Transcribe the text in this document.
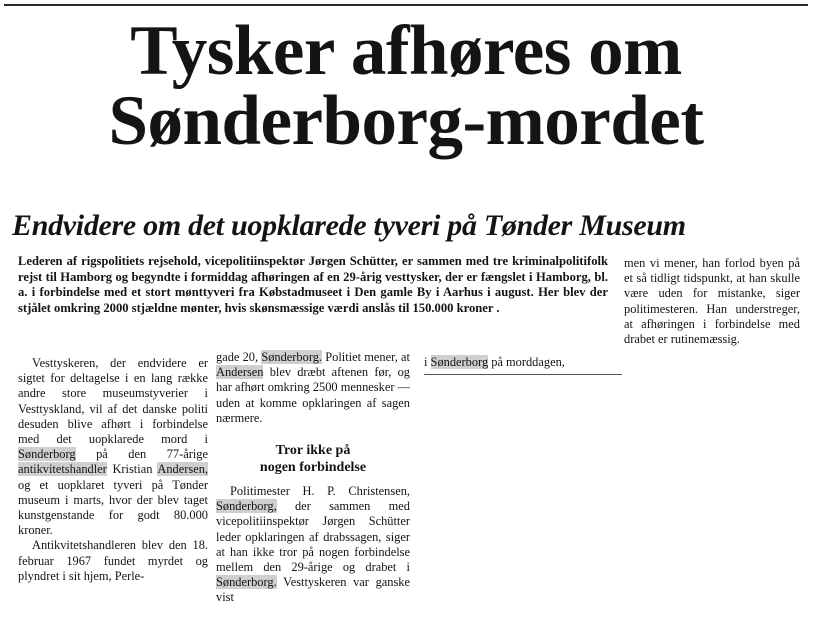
Tysker afhøres om
Sønderborg-mordet
Endvidere om det uopklarede tyveri på Tønder Museum

Lederen af rigspolitiets rejsehold, vicepolitiinspektør Jørgen Schütter, er sammen med tre kriminalpolitifolk rejst til Hamborg og begyndte i formiddag afhøringen af en 29-årig vesttysker, der er fængslet i Hamborg, bl. a. i forbindelse med et stort mønttyveri fra Købstadmuseet i Den gamle By i Aarhus i august. Her blev der stjålet omkring 2000 stjældne mønter, hvis skønsmæssige værdi anslås til 150.000 kroner .

Vesttyskeren, der endvidere er sigtet for deltagelse i en lang række andre store museumstyverier i Vesttyskland, vil af det danske politi desuden blive afhørt i forbindelse med det uopklarede mord i Sønderborg på den 77-årige antikvitetshandler Kristian Andersen, og et uopklaret tyveri på Tønder museum i marts, hvor der blev taget kunstgenstande for godt 80.000 kroner.

Antikvitetshandleren blev den 18. februar 1967 fundet myrdet og plyndret i sit hjem, Perle-

gade 20, Sønderborg. Politiet mener, at Andersen blev dræbt aftenen før, og har afhørt omkring 2500 mennesker — uden at komme opklaringen af sagen nærmere.

Tror ikke på
nogen forbindelse

Politimester H. P. Christensen, Sønderborg, der sammen med vicepolitiinspektør Jørgen Schütter leder opklaringen af drabssagen, siger at han ikke tror på nogen forbindelse mellem den 29-årige og drabet i Sønderborg. Vesttyskeren var ganske vist

i Sønderborg på morddagen,

men vi mener, han forlod byen på et så tidligt tidspunkt, at han skulle være uden for mistanke, siger politimesteren. Han understreger, at afhøringen i forbindelse med drabet er rutinemæssig.
